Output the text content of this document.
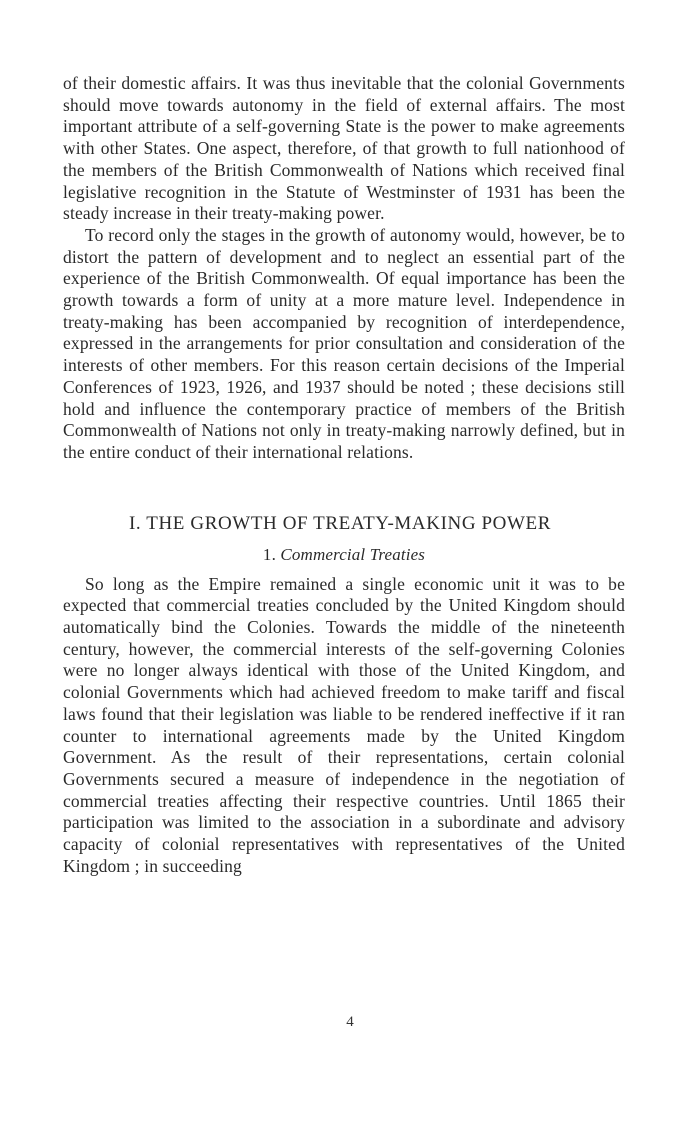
of their domestic affairs. It was thus inevitable that the colonial Governments should move towards autonomy in the field of external affairs. The most important attribute of a self-governing State is the power to make agreements with other States. One aspect, therefore, of that growth to full nationhood of the members of the British Commonwealth of Nations which received final legislative recognition in the Statute of Westminster of 1931 has been the steady increase in their treaty-making power.

To record only the stages in the growth of autonomy would, however, be to distort the pattern of development and to neglect an essential part of the experience of the British Commonwealth. Of equal importance has been the growth towards a form of unity at a more mature level. Independence in treaty-making has been accompanied by recognition of interdependence, expressed in the arrangements for prior consultation and consideration of the interests of other members. For this reason certain decisions of the Imperial Conferences of 1923, 1926, and 1937 should be noted ; these decisions still hold and influence the contemporary practice of members of the British Commonwealth of Nations not only in treaty-making narrowly defined, but in the entire conduct of their international relations.

I. THE GROWTH OF TREATY-MAKING POWER
1. Commercial Treaties

So long as the Empire remained a single economic unit it was to be expected that commercial treaties concluded by the United Kingdom should automatically bind the Colonies. Towards the middle of the nineteenth century, however, the commercial interests of the self-governing Colonies were no longer always identical with those of the United Kingdom, and colonial Governments which had achieved freedom to make tariff and fiscal laws found that their legislation was liable to be rendered ineffective if it ran counter to international agreements made by the United Kingdom Government. As the result of their representations, certain colonial Governments secured a measure of independence in the negotiation of commercial treaties affecting their respective countries. Until 1865 their participation was limited to the association in a subordinate and advisory capacity of colonial representatives with representatives of the United Kingdom ; in succeeding

4
